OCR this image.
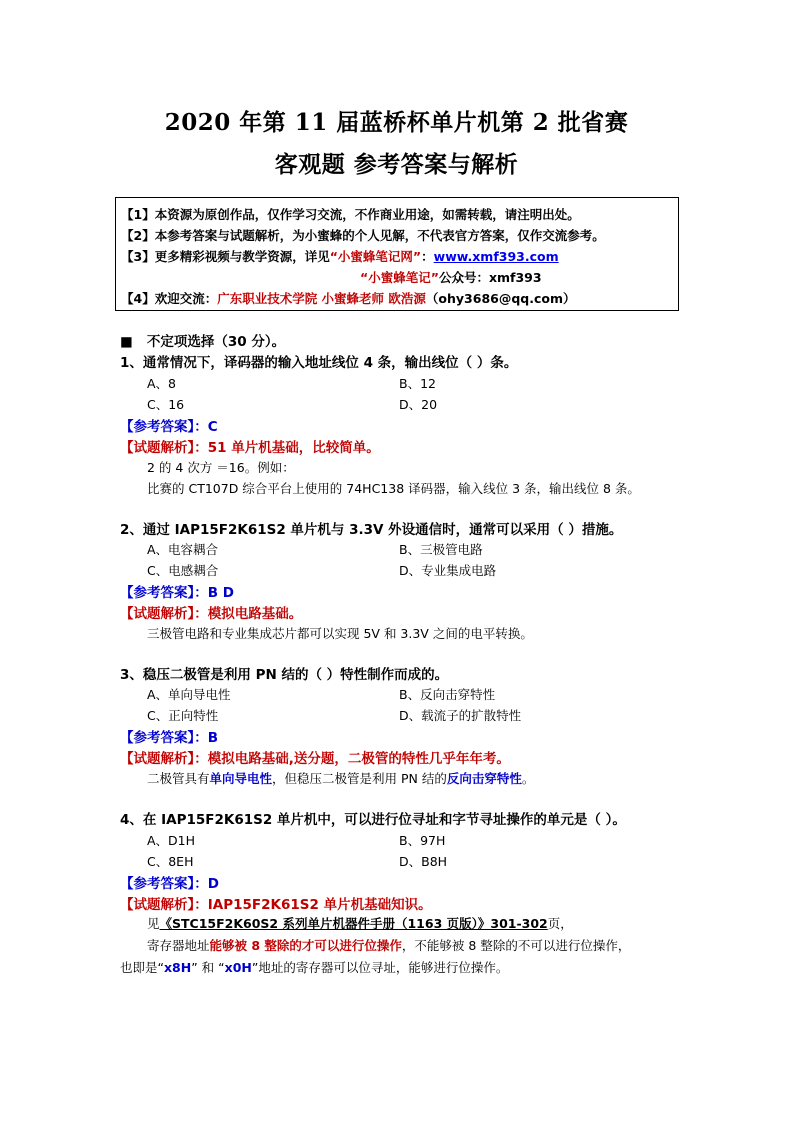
2020 年第 11 届蓝桥杯单片机第 2 批省赛
客观题 参考答案与解析
【1】本资源为原创作品，仅作学习交流，不作商业用途，如需转载，请注明出处。
【2】本参考答案与试题解析，为小蜜蜂的个人见解，不代表官方答案，仅作交流参考。
【3】更多精彩视频与教学资源，详见“小蜜蜂笔记网”：www.xmf393.com
“小蜜蜂笔记”公众号：xmf393
【4】欢迎交流：广东职业技术学院 小蜜蜂老师 欧浩源（ohy3686@qq.com）
■ 不定项选择（30 分）。
1、通常情况下，译码器的输入地址线位 4 条，输出线位（ ）条。
A、8	B、12
C、16	D、20
【参考答案】：C
【试题解析】：51 单片机基础，比较简单。
2 的 4 次方 ＝16。例如：
比赛的 CT107D 综合平台上使用的 74HC138 译码器，输入线位 3 条，输出线位 8 条。
2、通过 IAP15F2K61S2 单片机与 3.3V 外设通信时，通常可以采用（ ）措施。
A、电容耦合	B、三极管电路
C、电感耦合	D、专业集成电路
【参考答案】：B D
【试题解析】：模拟电路基础。
三极管电路和专业集成芯片都可以实现 5V 和 3.3V 之间的电平转换。
3、稳压二极管是利用 PN 结的（ ）特性制作而成的。
A、单向导电性	B、反向击穿特性
C、正向特性	D、载流子的扩散特性
【参考答案】：B
【试题解析】：模拟电路基础,送分题，二极管的特性几乎年年考。
二极管具有单向导电性，但稳压二极管是利用 PN 结的反向击穿特性。
4、在 IAP15F2K61S2 单片机中，可以进行位寻址和字节寻址操作的单元是（ ）。
A、D1H	B、97H
C、8EH	D、B8H
【参考答案】：D
【试题解析】：IAP15F2K61S2 单片机基础知识。
见《STC15F2K60S2 系列单片机器件手册（1163 页版）》301-302页，
寄存器地址能够被 8 整除的才可以进行位操作，不能够被 8 整除的不可以进行位操作，
也即是“x8H” 和 “x0H”地址的寄存器可以位寻址，能够进行位操作。
